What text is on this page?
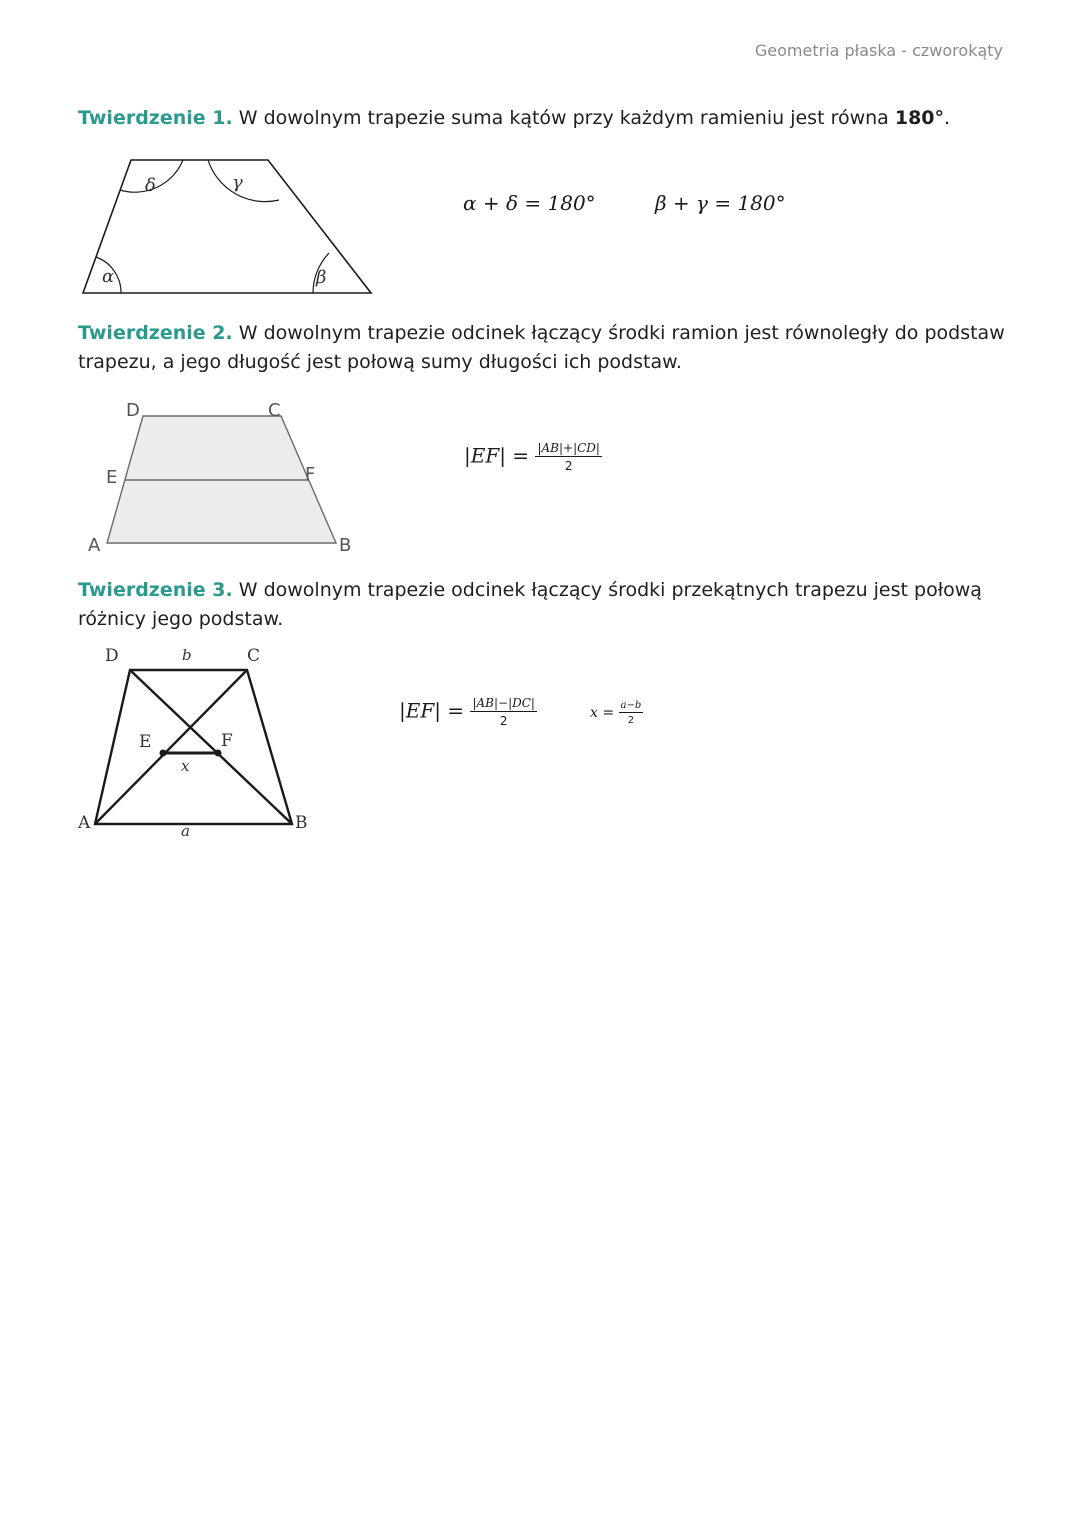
Geometria płaska - czworokąty
Twierdzenie 1. W dowolnym trapezie suma kątów przy każdym ramieniu jest równa 180°.
α	β
δ	γ
α + δ = 180°	β + γ = 180°
Twierdzenie 2. W dowolnym trapezie odcinek łączący środki ramion jest równoległy do podstaw trapezu, a jego długość jest połową sumy długości ich podstaw.
D	C
E	F
A	B
$|EF| = \frac{|AB|+|CD|}{2}$
Twierdzenie 3. W dowolnym trapezie odcinek łączący środki przekątnych trapezu jest połową różnicy jego podstaw.
D	C
b
E	F
x
A	B
a
$|EF| = \frac{|AB|-|DC|}{2}$	$x = \frac{a-b}{2}$
